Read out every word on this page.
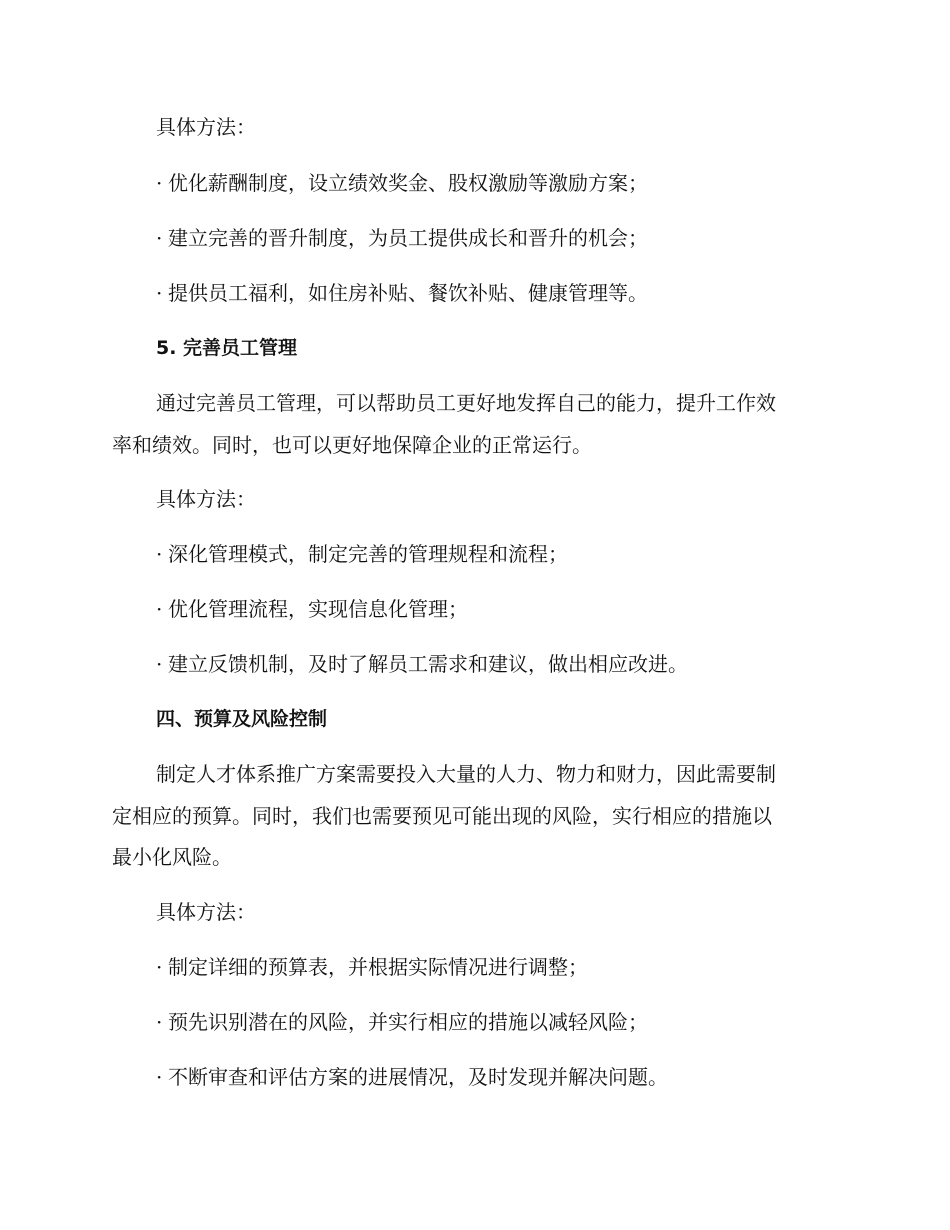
具体方法：
· 优化薪酬制度，设立绩效奖金、股权激励等激励方案；
· 建立完善的晋升制度，为员工提供成长和晋升的机会；
· 提供员工福利，如住房补贴、餐饮补贴、健康管理等。
5. 完善员工管理
通过完善员工管理，可以帮助员工更好地发挥自己的能力，提升工作效
率和绩效。同时，也可以更好地保障企业的正常运行。
具体方法：
· 深化管理模式，制定完善的管理规程和流程；
· 优化管理流程，实现信息化管理；
· 建立反馈机制，及时了解员工需求和建议，做出相应改进。
四、预算及风险控制
制定人才体系推广方案需要投入大量的人力、物力和财力，因此需要制
定相应的预算。同时，我们也需要预见可能出现的风险，实行相应的措施以
最小化风险。
具体方法：
· 制定详细的预算表，并根据实际情况进行调整；
· 预先识别潜在的风险，并实行相应的措施以减轻风险；
· 不断审查和评估方案的进展情况，及时发现并解决问题。
